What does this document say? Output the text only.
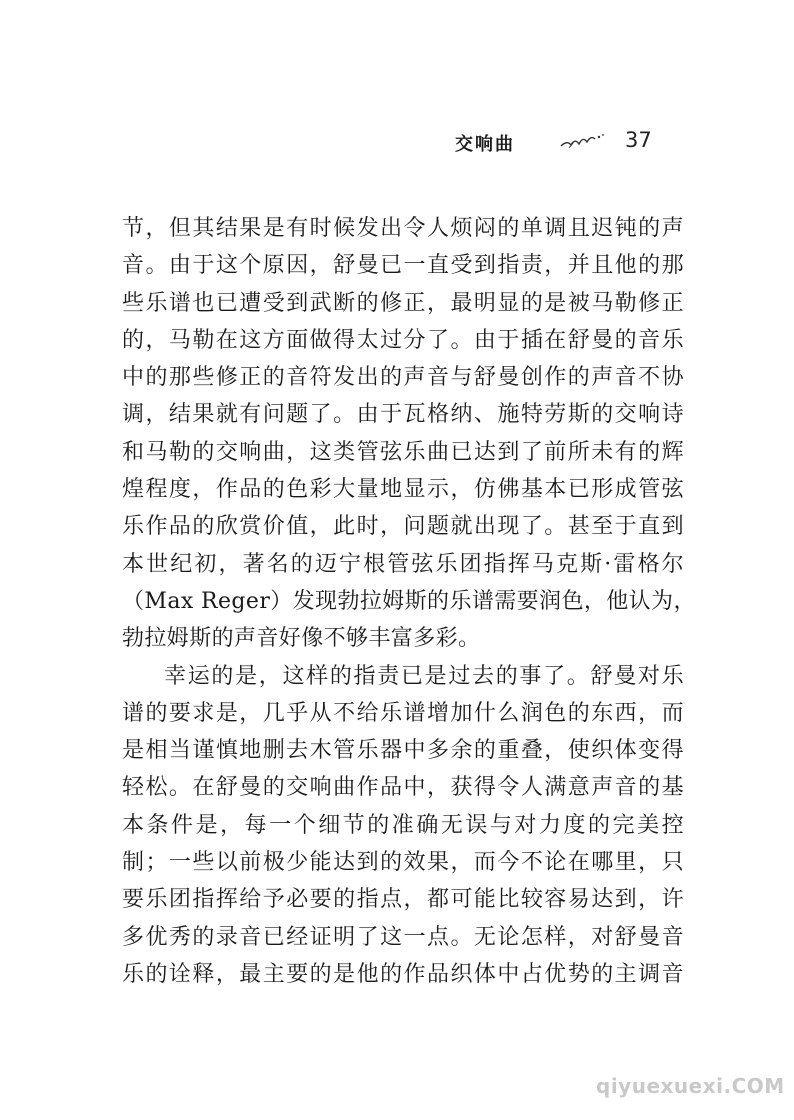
交响曲	37
节，但其结果是有时候发出令人烦闷的单调且迟钝的声
音。由于这个原因，舒曼已一直受到指责，并且他的那
些乐谱也已遭受到武断的修正，最明显的是被马勒修正
的，马勒在这方面做得太过分了。由于插在舒曼的音乐
中的那些修正的音符发出的声音与舒曼创作的声音不协
调，结果就有问题了。由于瓦格纳、施特劳斯的交响诗
和马勒的交响曲，这类管弦乐曲已达到了前所未有的辉
煌程度，作品的色彩大量地显示，仿佛基本已形成管弦
乐作品的欣赏价值，此时，问题就出现了。甚至于直到
本世纪初，著名的迈宁根管弦乐团指挥马克斯·雷格尔
（Max Reger）发现勃拉姆斯的乐谱需要润色，他认为，
勃拉姆斯的声音好像不够丰富多彩。
幸运的是，这样的指责已是过去的事了。舒曼对乐
谱的要求是，几乎从不给乐谱增加什么润色的东西，而
是相当谨慎地删去木管乐器中多余的重叠，使织体变得
轻松。在舒曼的交响曲作品中，获得令人满意声音的基
本条件是，每一个细节的准确无误与对力度的完美控
制；一些以前极少能达到的效果，而今不论在哪里，只
要乐团指挥给予必要的指点，都可能比较容易达到，许
多优秀的录音已经证明了这一点。无论怎样，对舒曼音
乐的诠释，最主要的是他的作品织体中占优势的主调音
qiyuexuexi.COM
